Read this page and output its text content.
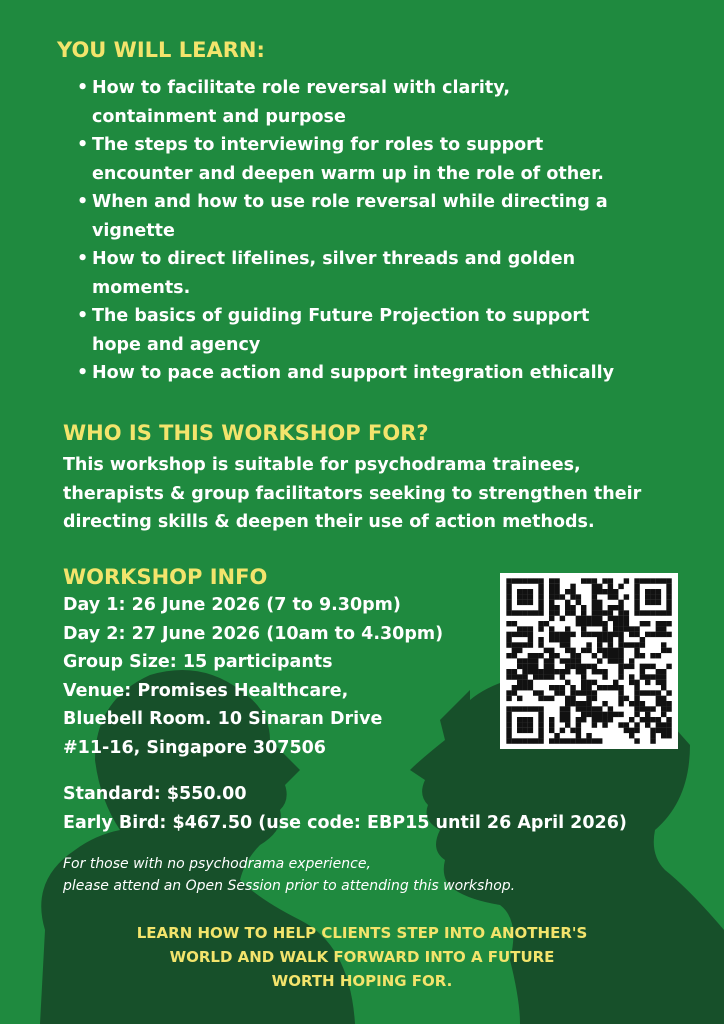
YOU WILL LEARN:
• How to facilitate role reversal with clarity,
containment and purpose
• The steps to interviewing for roles to support
encounter and deepen warm up in the role of other.
• When and how to use role reversal while directing a
vignette
• How to direct lifelines, silver threads and golden
moments.
• The basics of guiding Future Projection to support
hope and agency
• How to pace action and support integration ethically
WHO IS THIS WORKSHOP FOR?
This workshop is suitable for psychodrama trainees,
therapists & group facilitators seeking to strengthen their
directing skills & deepen their use of action methods.
WORKSHOP INFO
Day 1: 26 June 2026 (7 to 9.30pm)
Day 2: 27 June 2026 (10am to 4.30pm)
Group Size: 15 participants
Venue: Promises Healthcare,
Bluebell Room. 10 Sinaran Drive
#11-16, Singapore 307506
Standard: $550.00
Early Bird: $467.50 (use code: EBP15 until 26 April 2026)
For those with no psychodrama experience,
please attend an Open Session prior to attending this workshop.
LEARN HOW TO HELP CLIENTS STEP INTO ANOTHER'S
WORLD AND WALK FORWARD INTO A FUTURE
WORTH HOPING FOR.
